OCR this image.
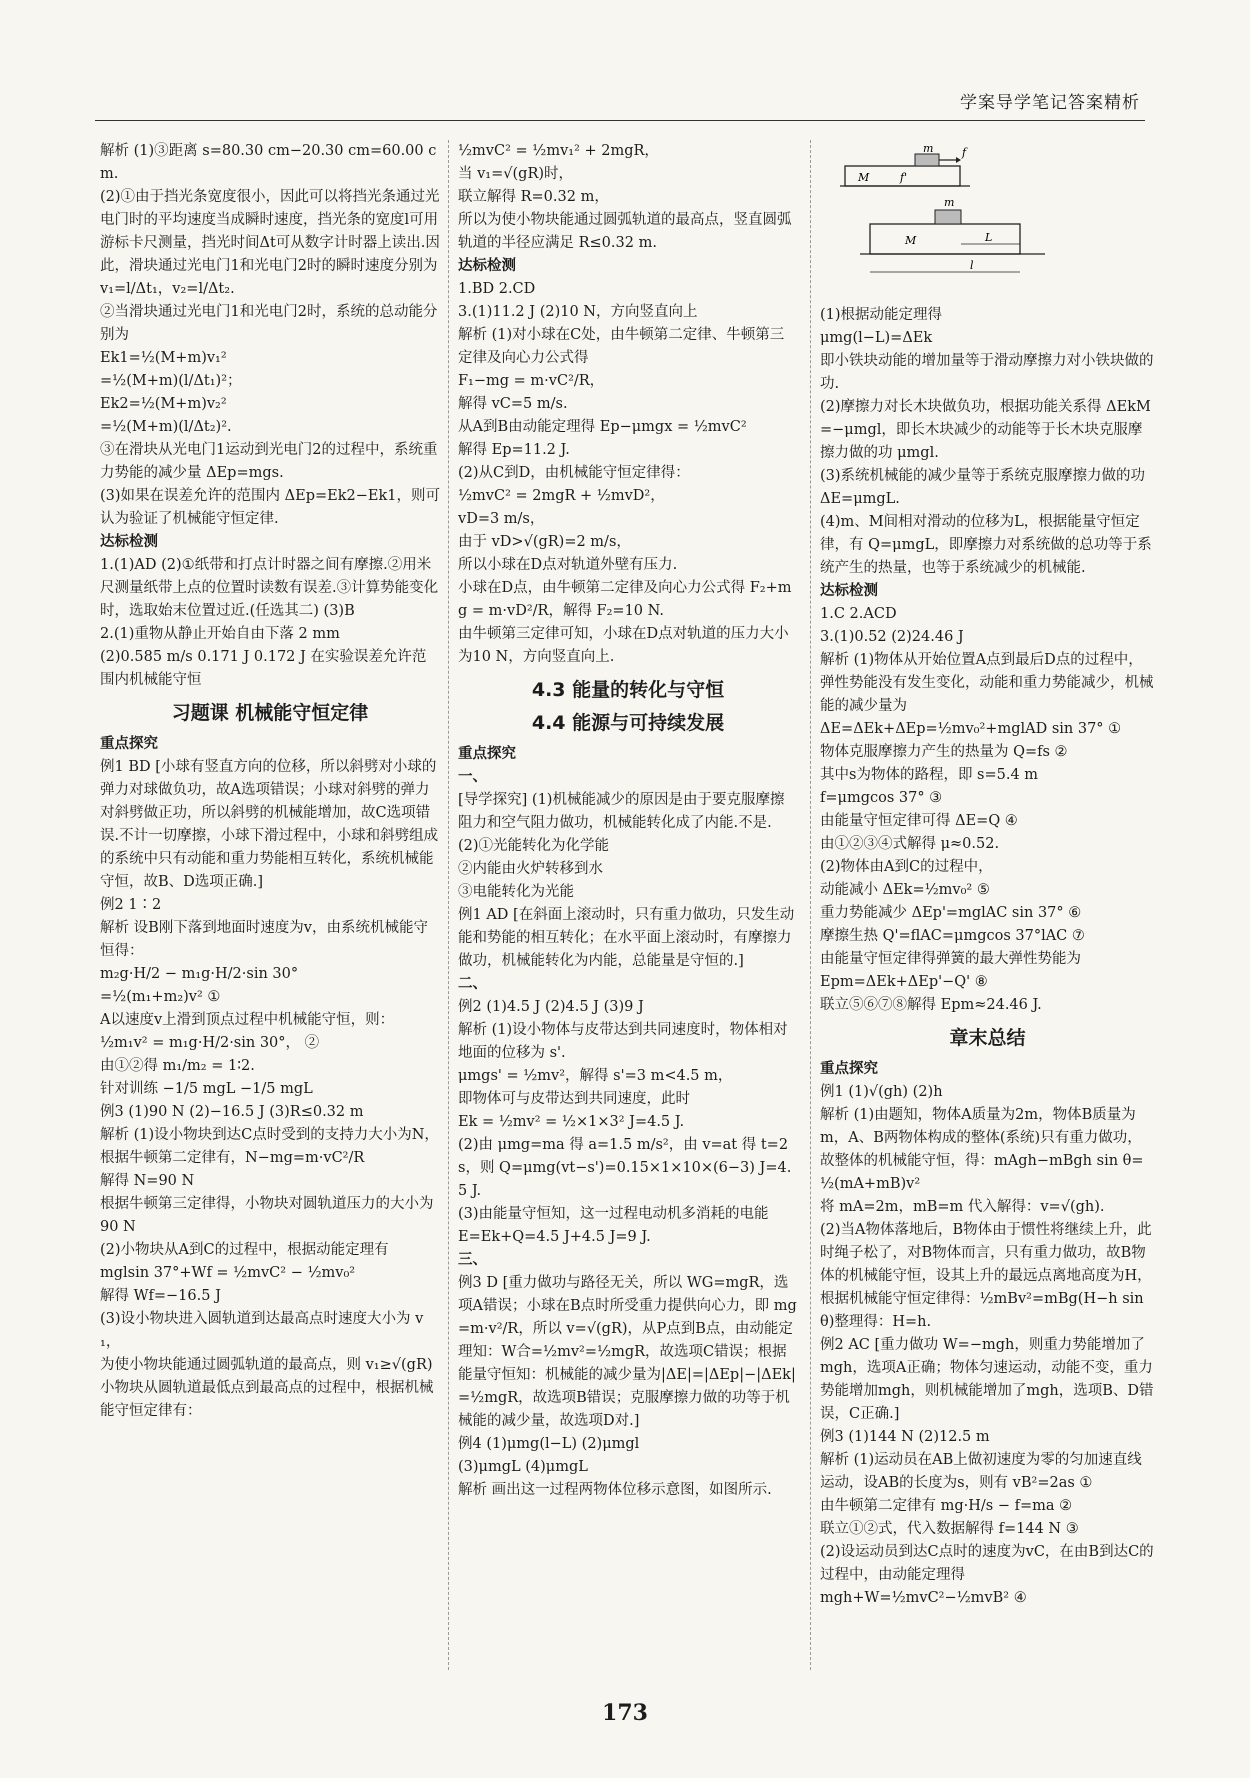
学案导学笔记答案精析
解析 (1)③距离 s=80.30 cm−20.30 cm=60.00 cm.
(2)①由于挡光条宽度很小，因此可以将挡光条通过光电门时的平均速度当成瞬时速度，挡光条的宽度l可用游标卡尺测量，挡光时间Δt可从数字计时器上读出.因此，滑块通过光电门1和光电门2时的瞬时速度分别为 v₁=l/Δt₁，v₂=l/Δt₂.
②当滑块通过光电门1和光电门2时，系统的总动能分别为
Ek1=½(M+m)v₁²
=½(M+m)(l/Δt₁)²；
Ek2=½(M+m)v₂²
=½(M+m)(l/Δt₂)².
③在滑块从光电门1运动到光电门2的过程中，系统重力势能的减少量 ΔEp=mgs.
(3)如果在误差允许的范围内 ΔEp=Ek2−Ek1，则可认为验证了机械能守恒定律.
达标检测
1.(1)AD (2)①纸带和打点计时器之间有摩擦.②用米尺测量纸带上点的位置时读数有误差.③计算势能变化时，选取始末位置过近.(任选其二) (3)B
2.(1)重物从静止开始自由下落 2 mm
(2)0.585 m/s 0.171 J 0.172 J 在实验误差允许范围内机械能守恒
习题课 机械能守恒定律
重点探究
例1 BD [小球有竖直方向的位移，所以斜劈对小球的弹力对球做负功，故A选项错误；小球对斜劈的弹力对斜劈做正功，所以斜劈的机械能增加，故C选项错误.不计一切摩擦，小球下滑过程中，小球和斜劈组成的系统中只有动能和重力势能相互转化，系统机械能守恒，故B、D选项正确.]
例2 1∶2
解析 设B刚下落到地面时速度为v，由系统机械能守恒得：
m₂g·H/2 − m₁g·H/2·sin 30°
=½(m₁+m₂)v² ①
A以速度v上滑到顶点过程中机械能守恒，则：
½m₁v² = m₁g·H/2·sin 30°， ②
由①②得 m₁/m₂ = 1∶2.
针对训练 −1/5 mgL −1/5 mgL
例3 (1)90 N (2)−16.5 J (3)R≤0.32 m
解析 (1)设小物块到达C点时受到的支持力大小为N，
根据牛顿第二定律有，N−mg=m·vC²/R
解得 N=90 N
根据牛顿第三定律得，小物块对圆轨道压力的大小为90 N
(2)小物块从A到C的过程中，根据动能定理有
mglsin 37°+Wf = ½mvC² − ½mv₀²
解得 Wf=−16.5 J
(3)设小物块进入圆轨道到达最高点时速度大小为 v₁，
为使小物块能通过圆弧轨道的最高点，则 v₁≥√(gR)
小物块从圆轨道最低点到最高点的过程中，根据机械能守恒定律有：
½mvC² = ½mv₁² + 2mgR，
当 v₁=√(gR)时，
联立解得 R=0.32 m，
所以为使小物块能通过圆弧轨道的最高点，竖直圆弧轨道的半径应满足 R≤0.32 m.
达标检测
1.BD 2.CD
3.(1)11.2 J (2)10 N，方向竖直向上
解析 (1)对小球在C处，由牛顿第二定律、牛顿第三定律及向心力公式得
F₁−mg = m·vC²/R，
解得 vC=5 m/s.
从A到B由动能定理得 Ep−μmgx = ½mvC²
解得 Ep=11.2 J.
(2)从C到D，由机械能守恒定律得：
½mvC² = 2mgR + ½mvD²，
vD=3 m/s，
由于 vD>√(gR)=2 m/s，
所以小球在D点对轨道外壁有压力.
小球在D点，由牛顿第二定律及向心力公式得 F₂+mg = m·vD²/R，解得 F₂=10 N.
由牛顿第三定律可知，小球在D点对轨道的压力大小为10 N，方向竖直向上.
4.3 能量的转化与守恒
4.4 能源与可持续发展
重点探究
一、
[导学探究] (1)机械能减少的原因是由于要克服摩擦阻力和空气阻力做功，机械能转化成了内能.不是.
(2)①光能转化为化学能
②内能由火炉转移到水
③电能转化为光能
例1 AD [在斜面上滚动时，只有重力做功，只发生动能和势能的相互转化；在水平面上滚动时，有摩擦力做功，机械能转化为内能，总能量是守恒的.]
二、
例2 (1)4.5 J (2)4.5 J (3)9 J
解析 (1)设小物体与皮带达到共同速度时，物体相对地面的位移为 s'.
μmgs' = ½mv²，解得 s'=3 m<4.5 m，
即物体可与皮带达到共同速度，此时
Ek = ½mv² = ½×1×3² J=4.5 J.
(2)由 μmg=ma 得 a=1.5 m/s²，由 v=at 得 t=2 s，则 Q=μmg(vt−s')=0.15×1×10×(6−3) J=4.5 J.
(3)由能量守恒知，这一过程电动机多消耗的电能
E=Ek+Q=4.5 J+4.5 J=9 J.
三、
例3 D [重力做功与路径无关，所以 WG=mgR，选项A错误；小球在B点时所受重力提供向心力，即 mg=m·v²/R，所以 v=√(gR)，从P点到B点，由动能定理知：W合=½mv²=½mgR，故选项C错误；根据能量守恒知：机械能的减少量为|ΔE|=|ΔEp|−|ΔEk|=½mgR，故选项B错误；克服摩擦力做的功等于机械能的减少量，故选项D对.]
例4 (1)μmg(l−L) (2)μmgl
(3)μmgL (4)μmgL
解析 画出这一过程两物体位移示意图，如图所示.
m	f
M	f'
m
M	L
l
(1)根据动能定理得
μmg(l−L)=ΔEk
即小铁块动能的增加量等于滑动摩擦力对小铁块做的功.
(2)摩擦力对长木块做负功，根据功能关系得 ΔEkM=−μmgl，即长木块减少的动能等于长木块克服摩擦力做的功 μmgl.
(3)系统机械能的减少量等于系统克服摩擦力做的功 ΔE=μmgL.
(4)m、M间相对滑动的位移为L，根据能量守恒定律，有 Q=μmgL，即摩擦力对系统做的总功等于系统产生的热量，也等于系统减少的机械能.
达标检测
1.C 2.ACD
3.(1)0.52 (2)24.46 J
解析 (1)物体从开始位置A点到最后D点的过程中，弹性势能没有发生变化，动能和重力势能减少，机械能的减少量为
ΔE=ΔEk+ΔEp=½mv₀²+mglAD sin 37° ①
物体克服摩擦力产生的热量为 Q=fs ②
其中s为物体的路程，即 s=5.4 m
f=μmgcos 37° ③
由能量守恒定律可得 ΔE=Q ④
由①②③④式解得 μ≈0.52.
(2)物体由A到C的过程中，
动能减小 ΔEk=½mv₀² ⑤
重力势能减少 ΔEp'=mglAC sin 37° ⑥
摩擦生热 Q'=flAC=μmgcos 37°lAC ⑦
由能量守恒定律得弹簧的最大弹性势能为
Epm=ΔEk+ΔEp'−Q' ⑧
联立⑤⑥⑦⑧解得 Epm≈24.46 J.
章末总结
重点探究
例1 (1)√(gh) (2)h
解析 (1)由题知，物体A质量为2m，物体B质量为m，A、B两物体构成的整体(系统)只有重力做功，故整体的机械能守恒，得：mAgh−mBgh sin θ=½(mA+mB)v²
将 mA=2m，mB=m 代入解得：v=√(gh).
(2)当A物体落地后，B物体由于惯性将继续上升，此时绳子松了，对B物体而言，只有重力做功，故B物体的机械能守恒，设其上升的最远点离地高度为H，根据机械能守恒定律得：½mBv²=mBg(H−h sin θ)整理得：H=h.
例2 AC [重力做功 W=−mgh，则重力势能增加了mgh，选项A正确；物体匀速运动，动能不变，重力势能增加mgh，则机械能增加了mgh，选项B、D错误，C正确.]
例3 (1)144 N (2)12.5 m
解析 (1)运动员在AB上做初速度为零的匀加速直线运动，设AB的长度为s，则有 vB²=2as ①
由牛顿第二定律有 mg·H/s − f=ma ②
联立①②式，代入数据解得 f=144 N ③
(2)设运动员到达C点时的速度为vC，在由B到达C的过程中，由动能定理得
mgh+W=½mvC²−½mvB² ④
173
